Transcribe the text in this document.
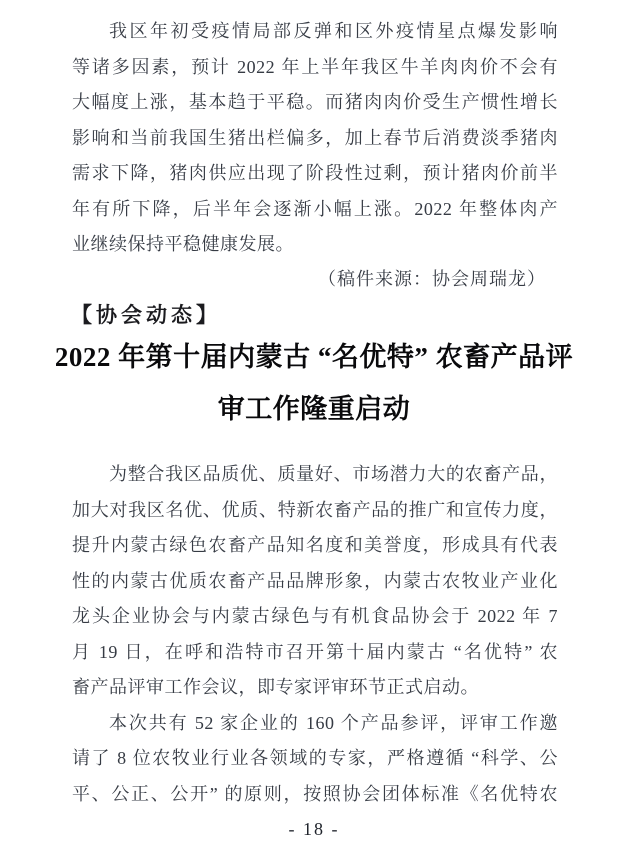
我区年初受疫情局部反弹和区外疫情星点爆发影响
等诸多因素，预计 2022 年上半年我区牛羊肉肉价不会有
大幅度上涨，基本趋于平稳。而猪肉肉价受生产惯性增长
影响和当前我国生猪出栏偏多，加上春节后消费淡季猪肉
需求下降，猪肉供应出现了阶段性过剩，预计猪肉价前半
年有所下降，后半年会逐渐小幅上涨。2022 年整体肉产
业继续保持平稳健康发展。
（稿件来源：协会周瑞龙）
【协会动态】
2022 年第十届内蒙古 “名优特” 农畜产品评
审工作隆重启动
为整合我区品质优、质量好、市场潜力大的农畜产品，
加大对我区名优、优质、特新农畜产品的推广和宣传力度，
提升内蒙古绿色农畜产品知名度和美誉度，形成具有代表
性的内蒙古优质农畜产品品牌形象，内蒙古农牧业产业化
龙头企业协会与内蒙古绿色与有机食品协会于 2022 年 7
月 19 日，在呼和浩特市召开第十届内蒙古 “名优特” 农
畜产品评审工作会议，即专家评审环节正式启动。
本次共有 52 家企业的 160 个产品参评，评审工作邀
请了 8 位农牧业行业各领域的专家，严格遵循 “科学、公
平、公正、公开” 的原则，按照协会团体标准《名优特农
- 18 -
